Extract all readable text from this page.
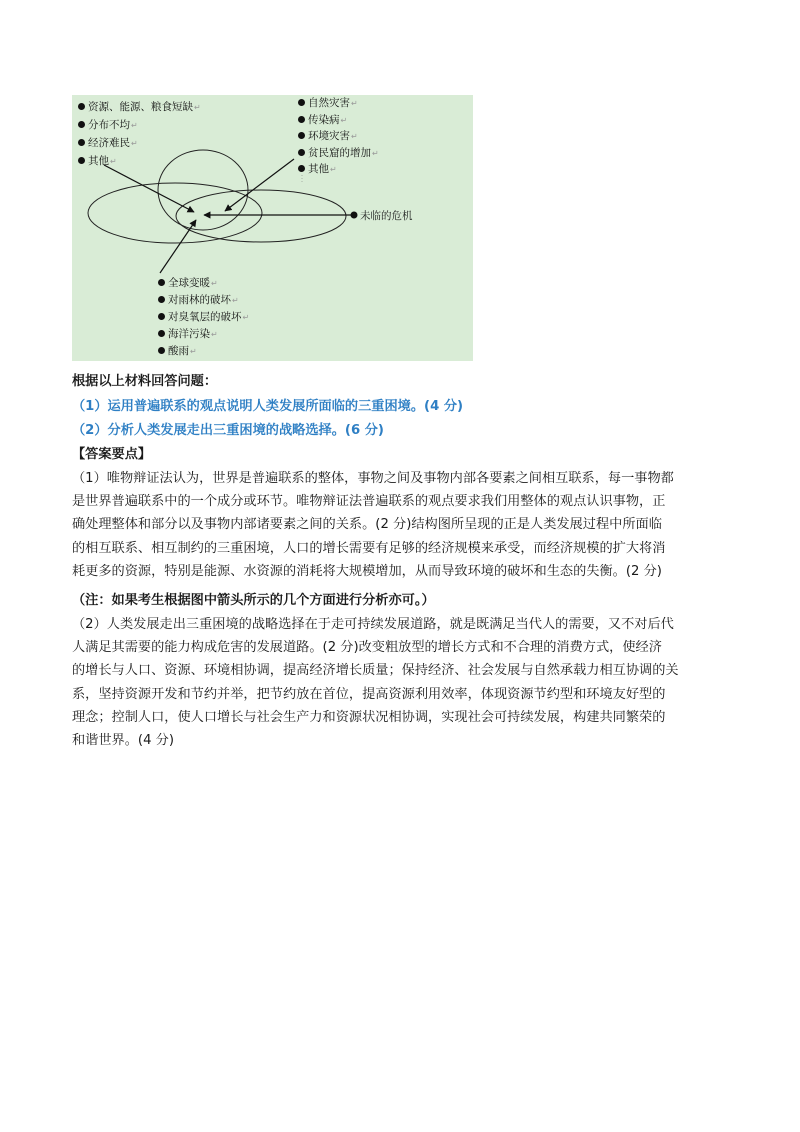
资源、能源、粮食短缺↵
分布不均↵
经济难民↵
其他↵
自然灾害↵
传染病↵
环境灾害↵
贫民窟的增加↵
其他↵
全球变暖↵
对雨林的破坏↵
对臭氧层的破坏↵
海洋污染↵
酸雨↵
未临的危机
根据以上材料回答问题：
（1）运用普遍联系的观点说明人类发展所面临的三重困境。(4 分)
（2）分析人类发展走出三重困境的战略选择。(6 分)
【答案要点】
（1）唯物辩证法认为，世界是普遍联系的整体，事物之间及事物内部各要素之间相互联系，每一事物都
是世界普遍联系中的一个成分或环节。唯物辩证法普遍联系的观点要求我们用整体的观点认识事物，正
确处理整体和部分以及事物内部诸要素之间的关系。(2 分)结构图所呈现的正是人类发展过程中所面临
的相互联系、相互制约的三重困境，人口的增长需要有足够的经济规模来承受，而经济规模的扩大将消
耗更多的资源，特别是能源、水资源的消耗将大规模增加，从而导致环境的破坏和生态的失衡。(2 分)
（注：如果考生根据图中箭头所示的几个方面进行分析亦可。）
（2）人类发展走出三重困境的战略选择在于走可持续发展道路，就是既满足当代人的需要，又不对后代
人满足其需要的能力构成危害的发展道路。(2 分)改变粗放型的增长方式和不合理的消费方式，使经济
的增长与人口、资源、环境相协调，提高经济增长质量；保持经济、社会发展与自然承载力相互协调的关
系，坚持资源开发和节约并举，把节约放在首位，提高资源利用效率，体现资源节约型和环境友好型的
理念；控制人口，使人口增长与社会生产力和资源状况相协调，实现社会可持续发展，构建共同繁荣的
和谐世界。(4 分)
